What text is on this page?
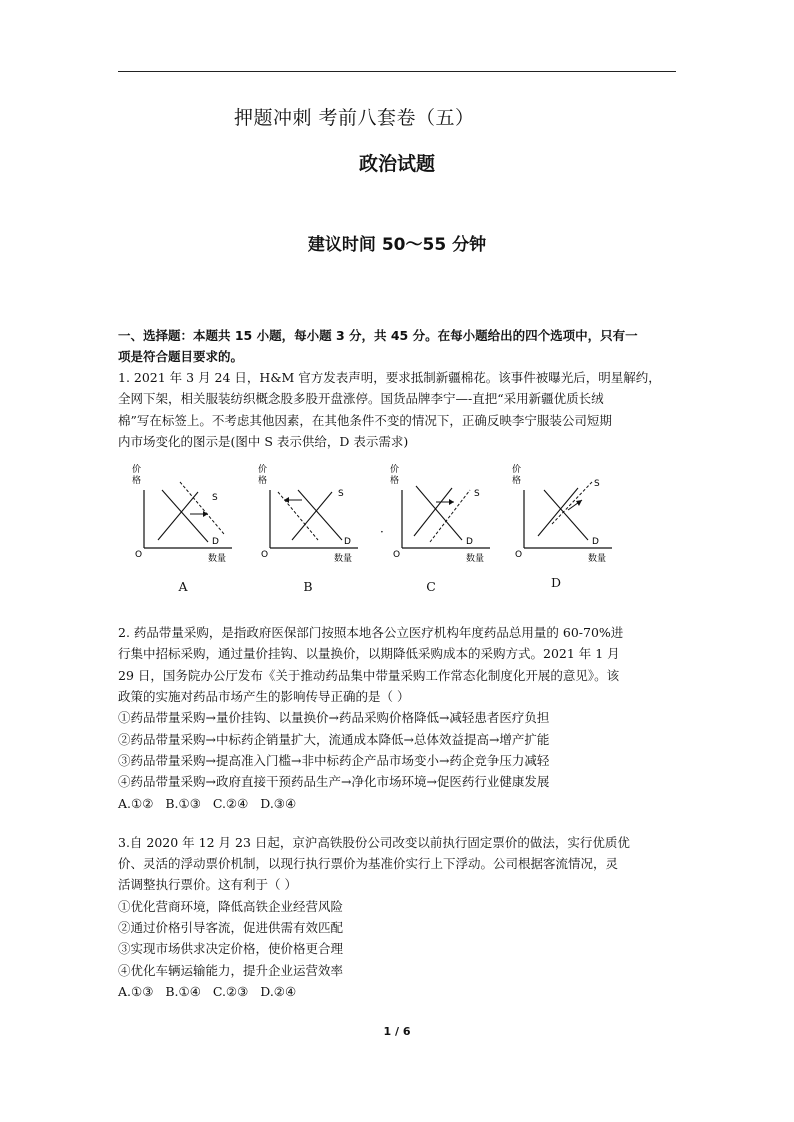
押题冲刺 考前八套卷（五）
政治试题
建议时间 50～55 分钟
一、选择题：本题共 15 小题，每小题 3 分，共 45 分。在每小题给出的四个选项中，只有一
项是符合题目要求的。

1. 2021 年 3 月 24 日，H&M 官方发表声明，要求抵制新疆棉花。该事件被曝光后，明星解约，

全网下架，相关服装纺织概念股多股开盘涨停。国货品牌李宁—-直把“采用新疆优质长绒

棉”写在标签上。不考虑其他因素，在其他条件不变的情况下，正确反映李宁服装公司短期

内市场变化的图示是(图中 S 表示供给，D 表示需求)

价格
O	数量
S
D
A
价格
O	数量
S
D
B
·
价格
O	数量
S
D
C
价格
O	数量
S
D
D

2. 药品带量采购，是指政府医保部门按照本地各公立医疗机构年度药品总用量的 60-70%进

行集中招标采购，通过量价挂钩、以量换价，以期降低采购成本的采购方式。2021 年 1 月

29 日，国务院办公厅发布《关于推动药品集中带量采购工作常态化制度化开展的意见》。该

政策的实施对药品市场产生的影响传导正确的是（ ）

①药品带量采购→量价挂钩、以量换价→药品采购价格降低→减轻患者医疗负担

②药品带量采购→中标药企销量扩大，流通成本降低→总体效益提高→增产扩能

③药品带量采购→提高准入门槛→非中标药企产品市场变小→药企竞争压力减轻

④药品带量采购→政府直接干预药品生产→净化市场环境→促医药行业健康发展

A.①②   B.①③   C.②④   D.③④

3.自 2020 年 12 月 23 日起，京沪高铁股份公司改变以前执行固定票价的做法，实行优质优

价、灵活的浮动票价机制，以现行执行票价为基准价实行上下浮动。公司根据客流情况，灵

活调整执行票价。这有利于（ ）

①优化营商环境，降低高铁企业经营风险

②通过价格引导客流，促进供需有效匹配

③实现市场供求决定价格，使价格更合理

④优化车辆运输能力，提升企业运营效率

A.①③   B.①④   C.②③   D.②④

1 / 6
